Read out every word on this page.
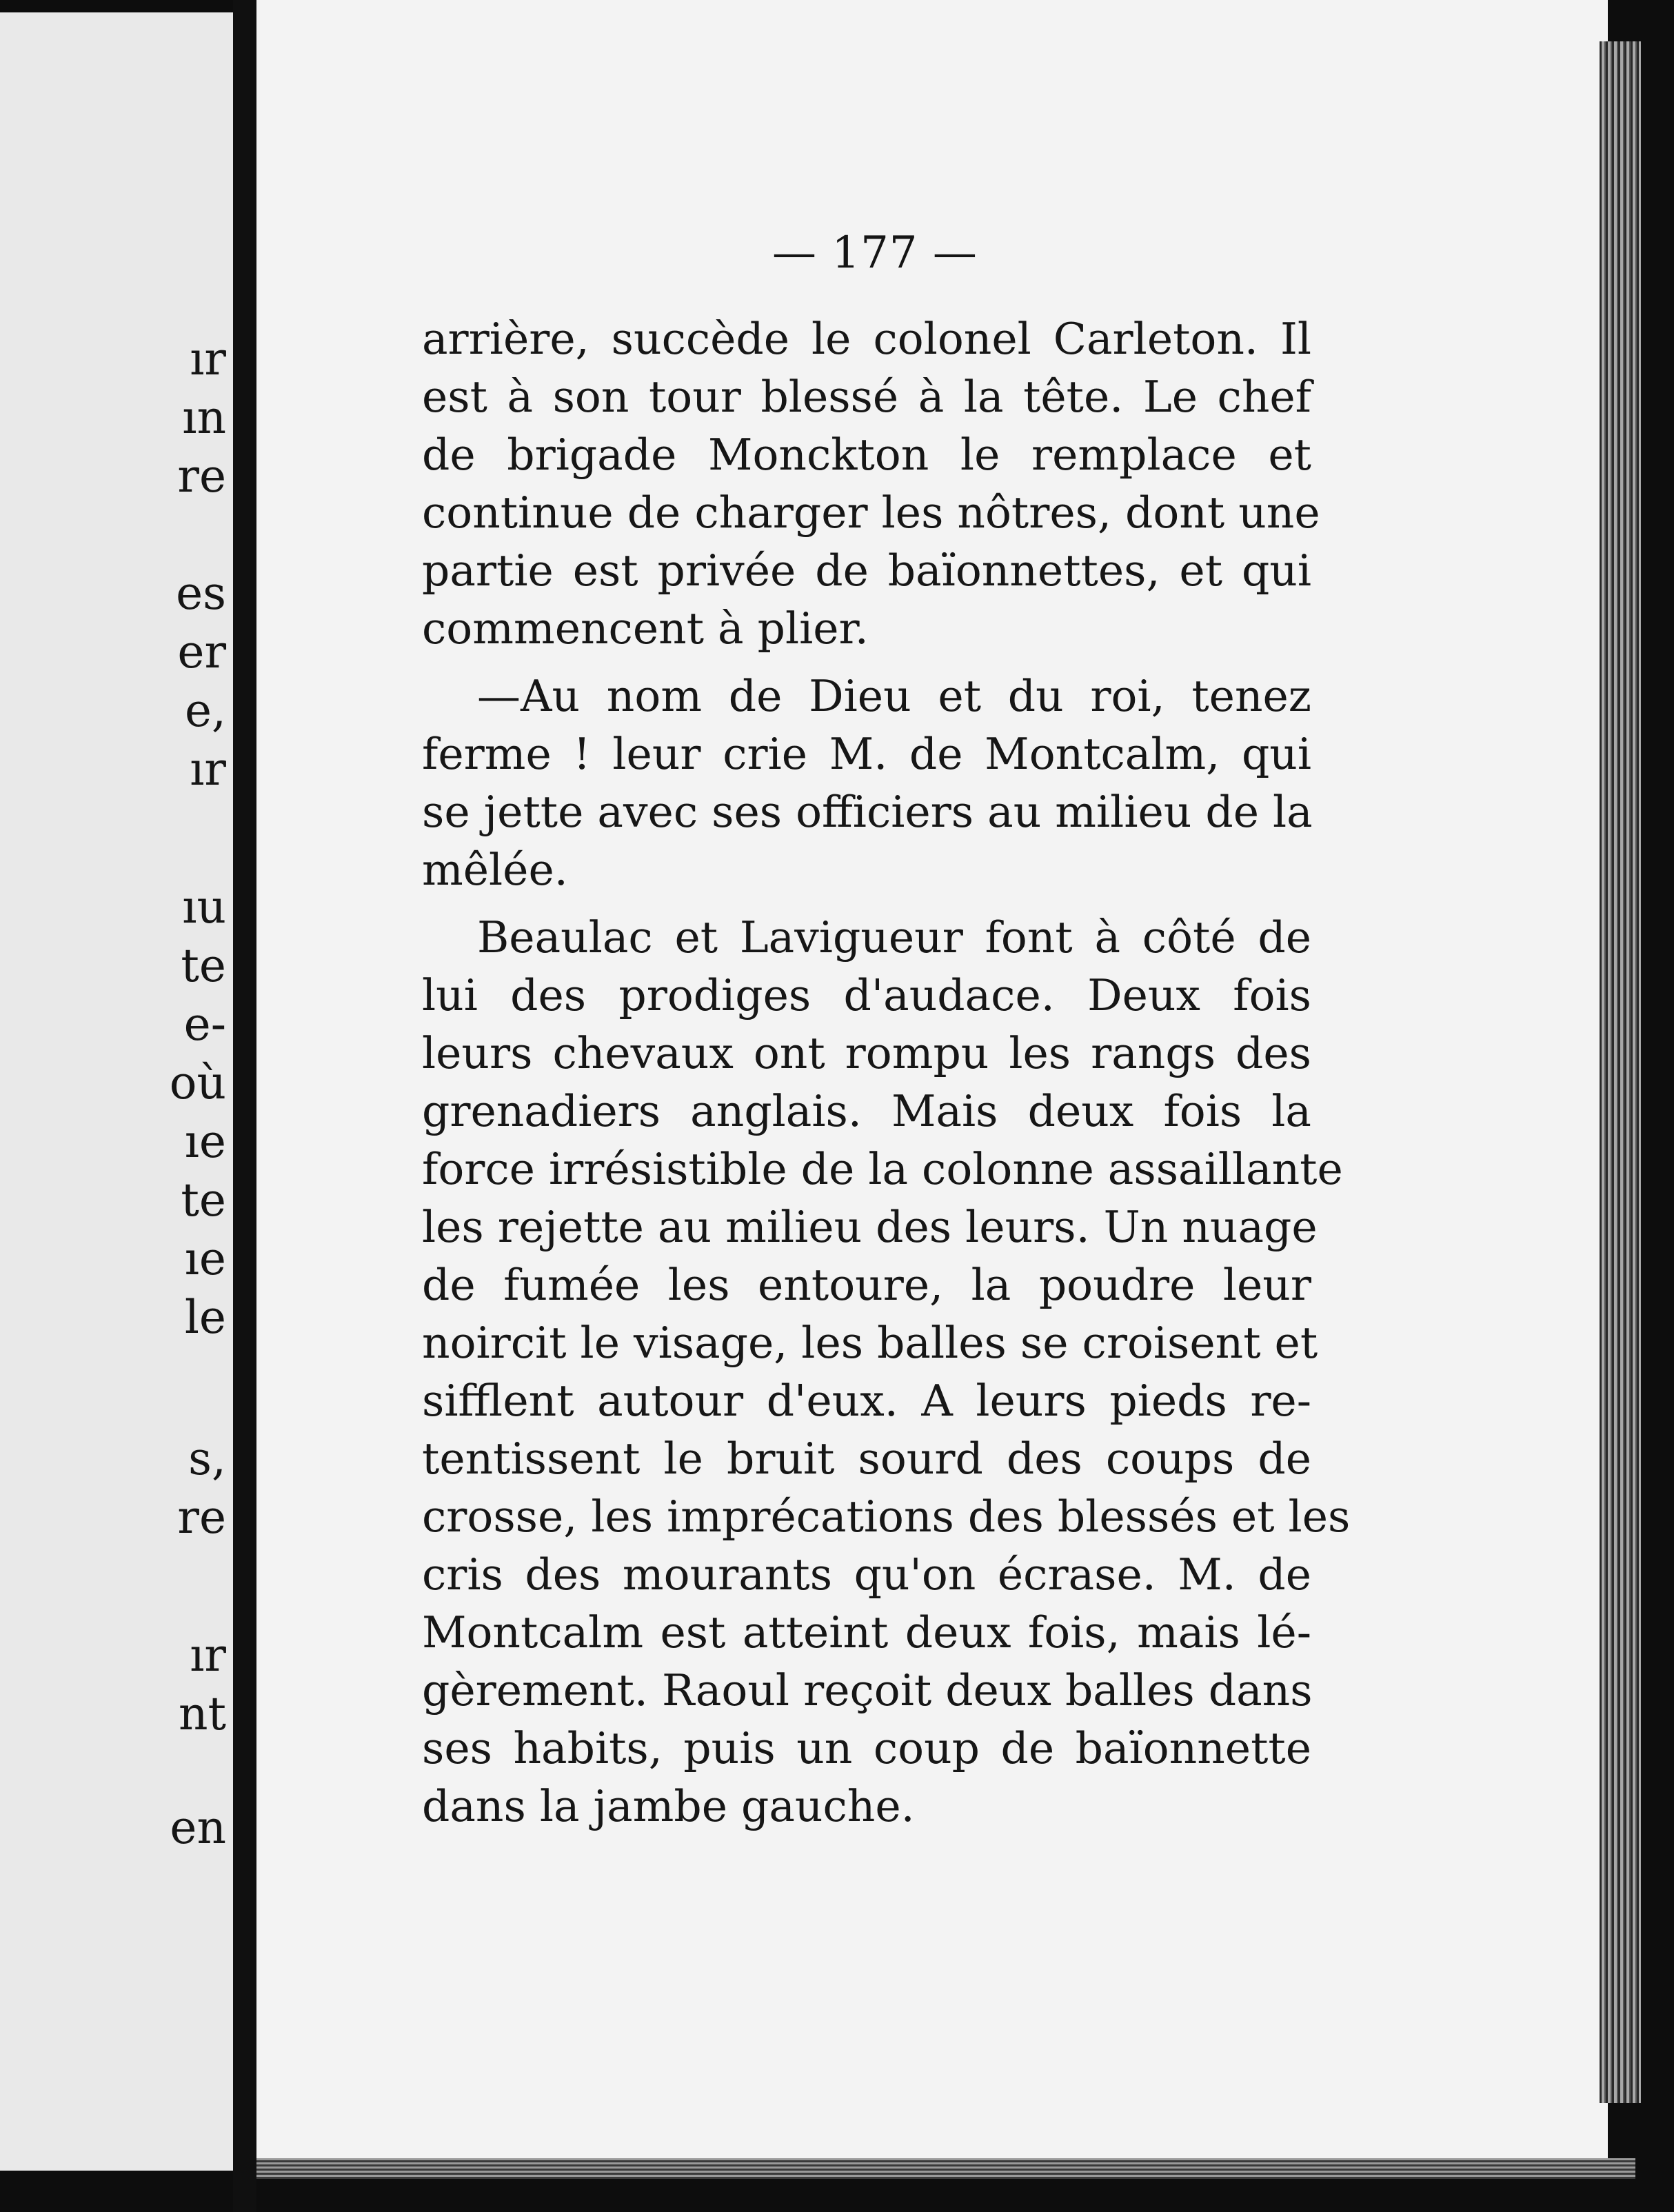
ır
ın
re
es
er
e,
ır
ıu
te
e-
où
ıe
te
ıe
le
s,
re
ır
nt
en
— 177 —

arrière, succède le colonel Carleton. Il
est à son tour blessé à la tête. Le chef
de brigade Monckton le remplace et
continue de charger les nôtres, dont une
partie est privée de baïonnettes, et qui
commencent à plier.

—Au nom de Dieu et du roi, tenez
ferme ! leur crie M. de Montcalm, qui
se jette avec ses officiers au milieu de la
mêlée.

Beaulac et Lavigueur font à côté de
lui des prodiges d'audace. Deux fois
leurs chevaux ont rompu les rangs des
grenadiers anglais. Mais deux fois la
force irrésistible de la colonne assaillante
les rejette au milieu des leurs. Un nuage
de fumée les entoure, la poudre leur
noircit le visage, les balles se croisent et
sifflent autour d'eux. A leurs pieds re-
tentissent le bruit sourd des coups de
crosse, les imprécations des blessés et les
cris des mourants qu'on écrase. M. de
Montcalm est atteint deux fois, mais lé-
gèrement. Raoul reçoit deux balles dans
ses habits, puis un coup de baïonnette
dans la jambe gauche.
